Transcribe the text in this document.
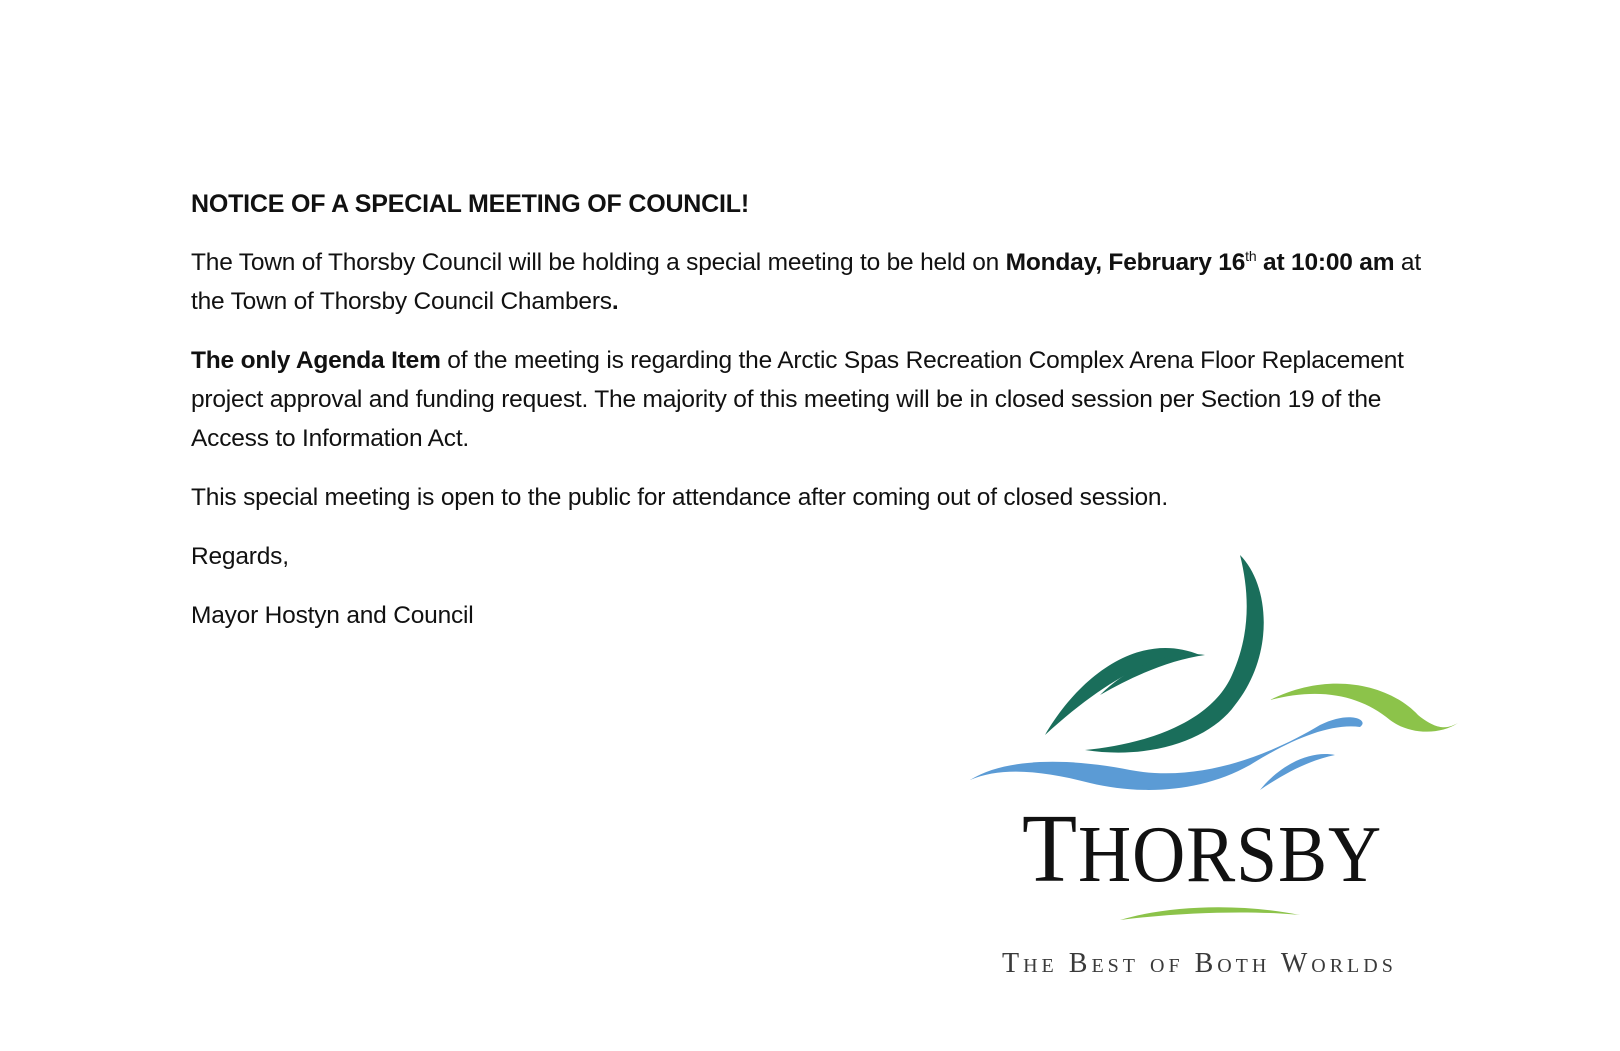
NOTICE OF A SPECIAL MEETING OF COUNCIL!

The Town of Thorsby Council will be holding a special meeting to be held on Monday, February 16th at 10:00 am at the Town of Thorsby Council Chambers.

The only Agenda Item of the meeting is regarding the Arctic Spas Recreation Complex Arena Floor Replacement project approval and funding request. The majority of this meeting will be in closed session per Section 19 of the Access to Information Act.

This special meeting is open to the public for attendance after coming out of closed session.

Regards,

Mayor Hostyn and Council

THORSBY
The Best of Both Worlds
